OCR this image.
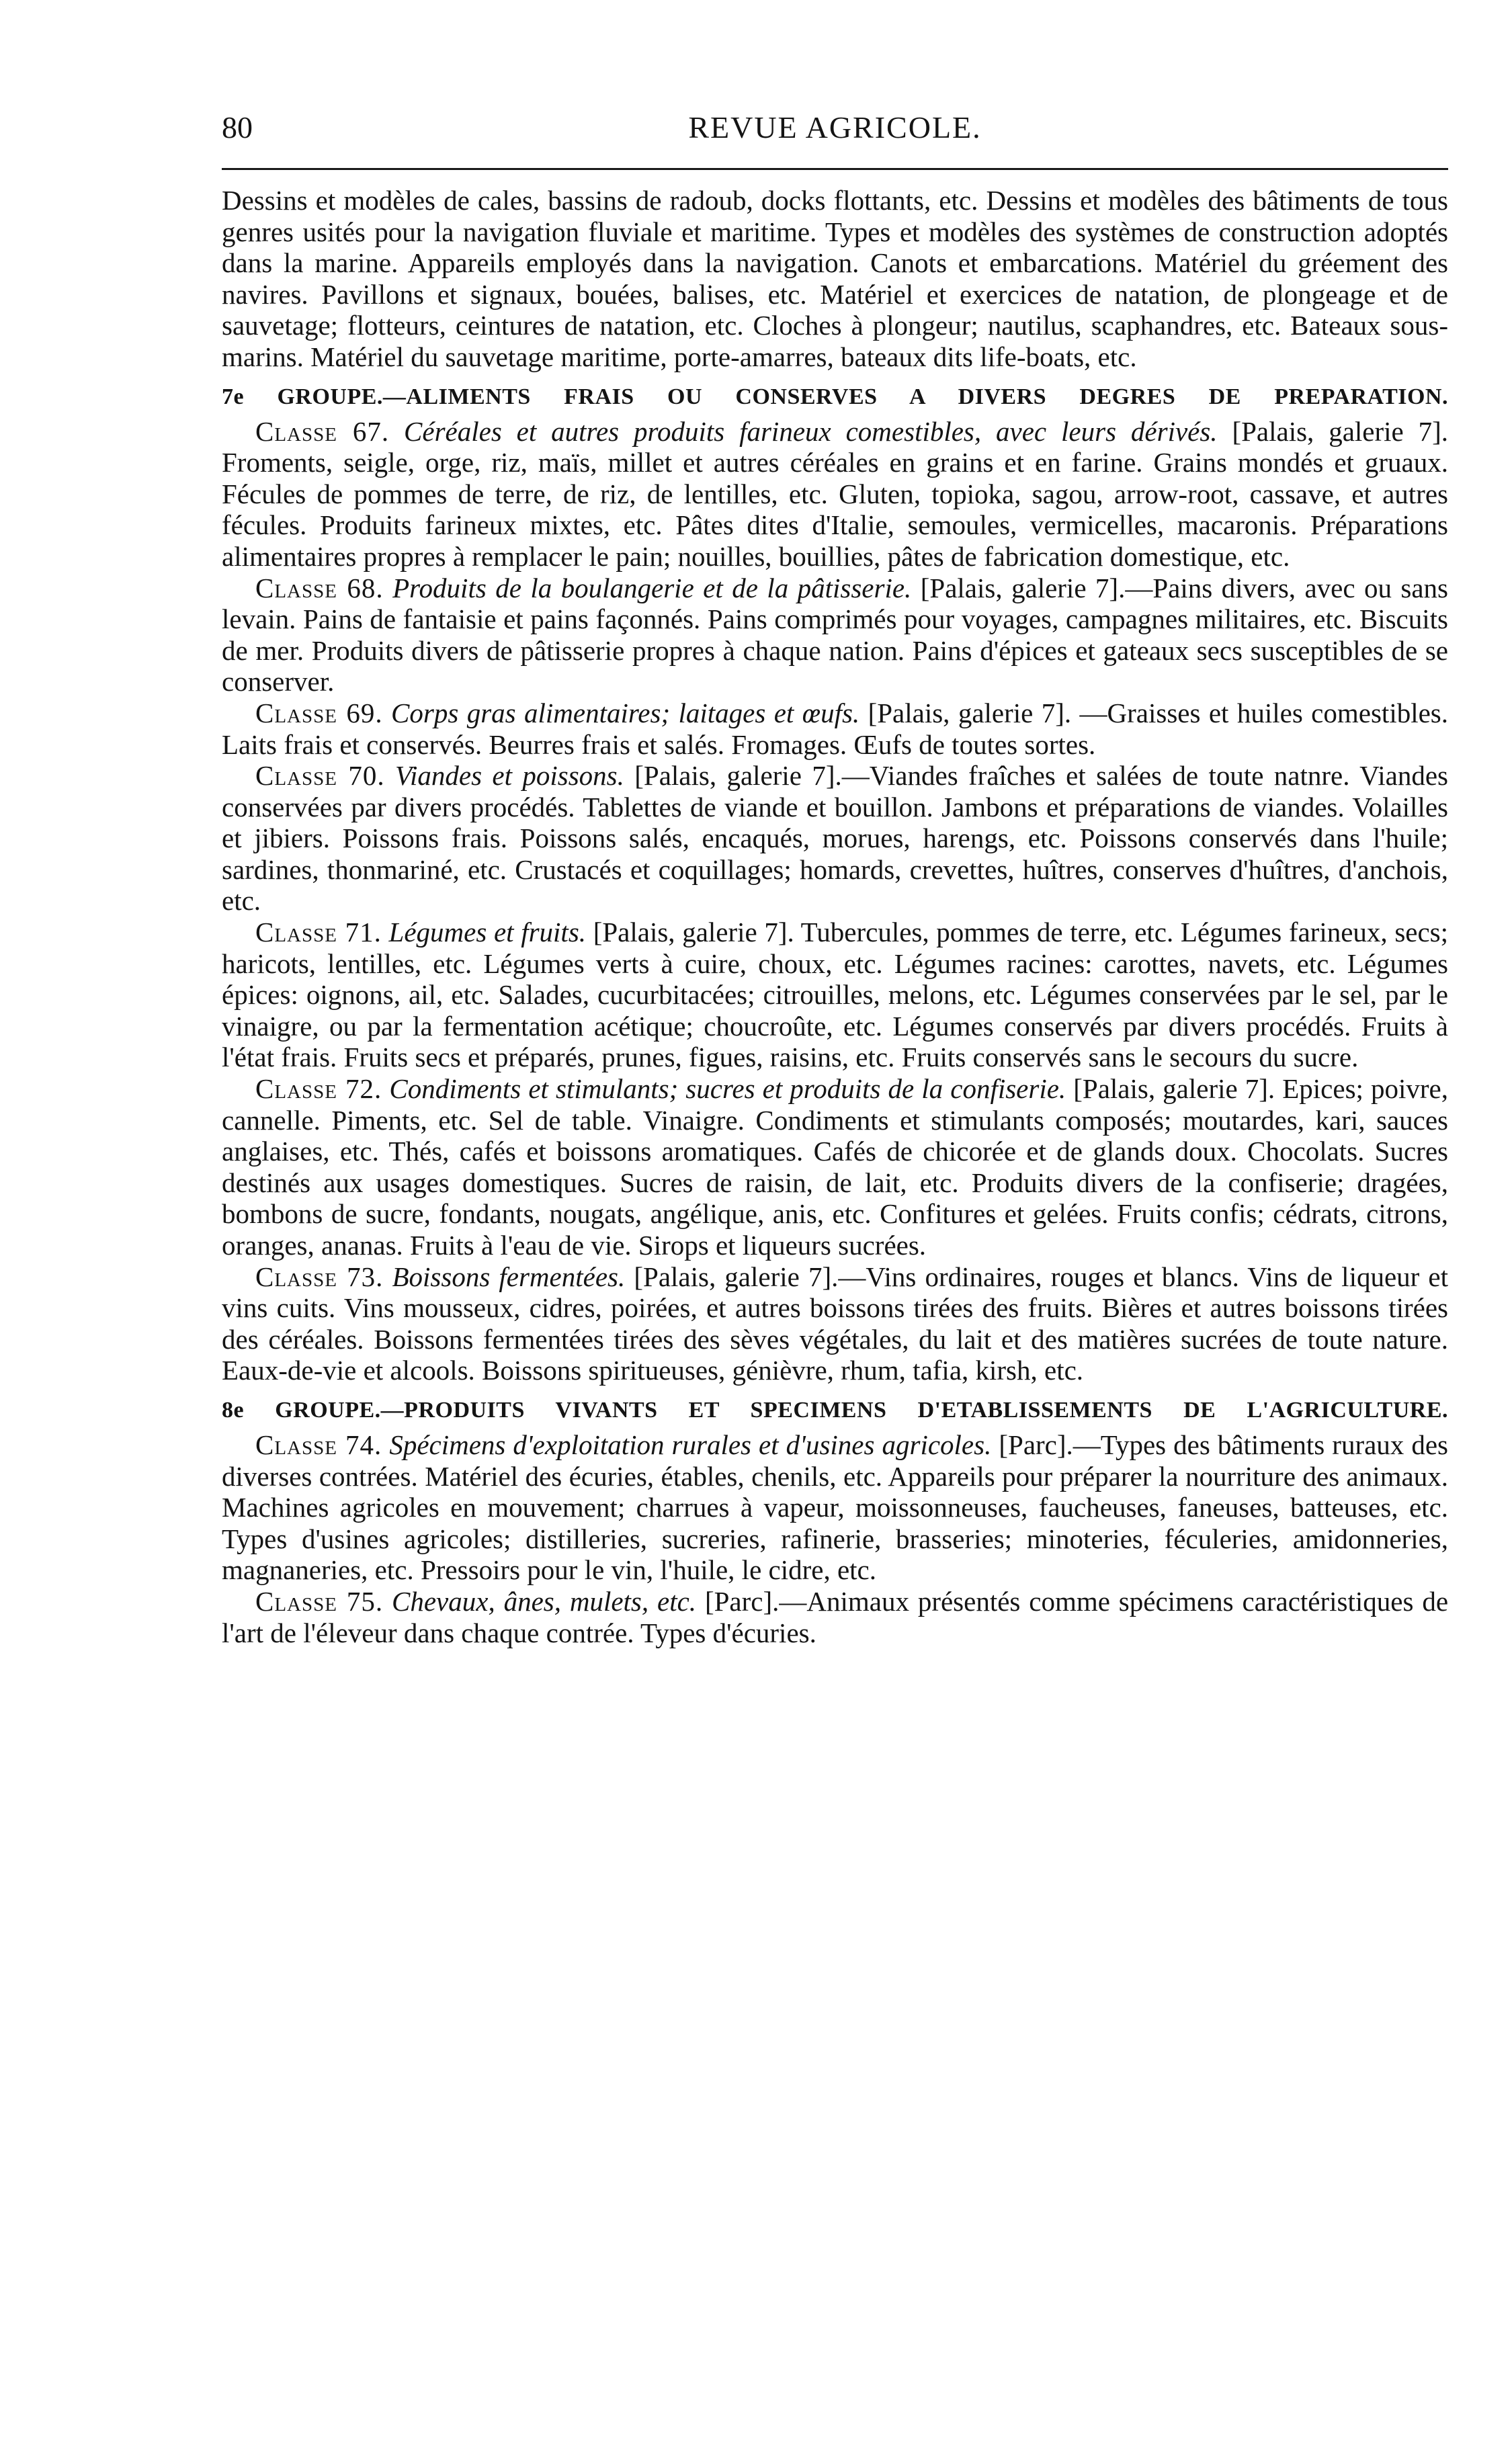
80	REVUE AGRICOLE.

Dessins et modèles de cales, bassins de radoub, docks flottants, etc. Dessins et modèles des bâtiments de tous genres usités pour la navigation fluviale et maritime. Types et modèles des systèmes de construction adoptés dans la marine. Appareils employés dans la navigation. Canots et embarcations. Matériel du gréement des navires. Pavillons et signaux, bouées, balises, etc. Matériel et exercices de natation, de plongeage et de sauvetage; flotteurs, ceintures de natation, etc. Cloches à plongeur; nautilus, scaphandres, etc. Bateaux sous-marins. Matériel du sauvetage maritime, porte-amarres, bateaux dits life-boats, etc.

7e GROUPE.—ALIMENTS FRAIS OU CONSERVES A DIVERS DEGRES DE PREPARATION.

Classe 67. Céréales et autres produits farineux comestibles, avec leurs dérivés. [Palais, galerie 7]. Froments, seigle, orge, riz, maïs, millet et autres céréales en grains et en farine. Grains mondés et gruaux. Fécules de pommes de terre, de riz, de lentilles, etc. Gluten, topioka, sagou, arrow-root, cassave, et autres fécules. Produits farineux mixtes, etc. Pâtes dites d'Italie, semoules, vermicelles, macaronis. Préparations alimentaires propres à remplacer le pain; nouilles, bouillies, pâtes de fabrication domestique, etc.

Classe 68. Produits de la boulangerie et de la pâtisserie. [Palais, galerie 7].—Pains divers, avec ou sans levain. Pains de fantaisie et pains façonnés. Pains comprimés pour voyages, campagnes militaires, etc. Biscuits de mer. Produits divers de pâtisserie propres à chaque nation. Pains d'épices et gateaux secs susceptibles de se conserver.

Classe 69. Corps gras alimentaires; laitages et œufs. [Palais, galerie 7]. —Graisses et huiles comestibles. Laits frais et conservés. Beurres frais et salés. Fromages. Œufs de toutes sortes.

Classe 70. Viandes et poissons. [Palais, galerie 7].—Viandes fraîches et salées de toute natnre. Viandes conservées par divers procédés. Tablettes de viande et bouillon. Jambons et préparations de viandes. Volailles et jibiers. Poissons frais. Poissons salés, encaqués, morues, harengs, etc. Poissons conservés dans l'huile; sardines, thonmariné, etc. Crustacés et coquillages; homards, crevettes, huîtres, conserves d'huîtres, d'anchois, etc.

Classe 71. Légumes et fruits. [Palais, galerie 7]. Tubercules, pommes de terre, etc. Légumes farineux, secs; haricots, lentilles, etc. Légumes verts à cuire, choux, etc. Légumes racines: carottes, navets, etc. Légumes épices: oignons, ail, etc. Salades, cucurbitacées; citrouilles, melons, etc. Légumes conservées par le sel, par le vinaigre, ou par la fermentation acétique; choucroûte, etc. Légumes conservés par divers procédés. Fruits à l'état frais. Fruits secs et préparés, prunes, figues, raisins, etc. Fruits conservés sans le secours du sucre.

Classe 72. Condiments et stimulants; sucres et produits de la confiserie. [Palais, galerie 7]. Epices; poivre, cannelle. Piments, etc. Sel de table. Vinaigre. Condiments et stimulants composés; moutardes, kari, sauces anglaises, etc. Thés, cafés et boissons aromatiques. Cafés de chicorée et de glands doux. Chocolats. Sucres destinés aux usages domestiques. Sucres de raisin, de lait, etc. Produits divers de la confiserie; dragées, bombons de sucre, fondants, nougats, angélique, anis, etc. Confitures et gelées. Fruits confis; cédrats, citrons, oranges, ananas. Fruits à l'eau de vie. Sirops et liqueurs sucrées.

Classe 73. Boissons fermentées. [Palais, galerie 7].—Vins ordinaires, rouges et blancs. Vins de liqueur et vins cuits. Vins mousseux, cidres, poirées, et autres boissons tirées des fruits. Bières et autres boissons tirées des céréales. Boissons fermentées tirées des sèves végétales, du lait et des matières sucrées de toute nature. Eaux-de-vie et alcools. Boissons spiritueuses, génièvre, rhum, tafia, kirsh, etc.

8e GROUPE.—PRODUITS VIVANTS ET SPECIMENS D'ETABLISSEMENTS DE L'AGRICULTURE.

Classe 74. Spécimens d'exploitation rurales et d'usines agricoles. [Parc].—Types des bâtiments ruraux des diverses contrées. Matériel des écuries, étables, chenils, etc. Appareils pour préparer la nourriture des animaux. Machines agricoles en mouvement; charrues à vapeur, moissonneuses, faucheuses, faneuses, batteuses, etc. Types d'usines agricoles; distilleries, sucreries, rafinerie, brasseries; minoteries, féculeries, amidonneries, magnaneries, etc. Pressoirs pour le vin, l'huile, le cidre, etc.

Classe 75. Chevaux, ânes, mulets, etc. [Parc].—Animaux présentés comme spécimens caractéristiques de l'art de l'éleveur dans chaque contrée. Types d'écuries.
